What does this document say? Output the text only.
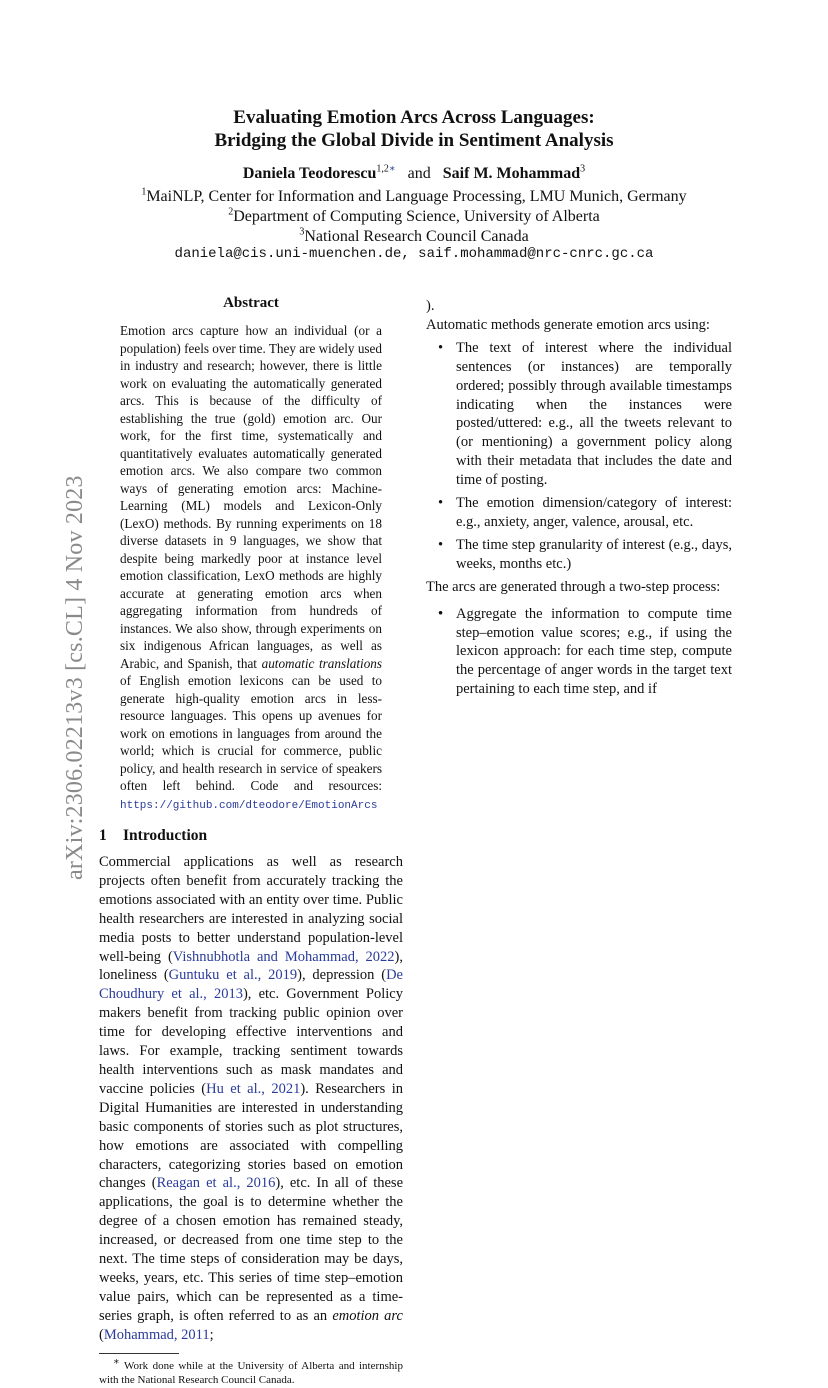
arXiv:2306.02213v3 [cs.CL] 4 Nov 2023
Evaluating Emotion Arcs Across Languages:
Bridging the Global Divide in Sentiment Analysis
Daniela Teodorescu$^{1,2∗}$ and Saif M. Mohammad$^3$
$^1$MaiNLP, Center for Information and Language Processing, LMU Munich, Germany
$^2$Department of Computing Science, University of Alberta
$^3$National Research Council Canada
daniela@cis.uni-muenchen.de, saif.mohammad@nrc-cnrc.gc.ca
Abstract
Emotion arcs capture how an individual (or a population) feels over time. They are widely used in industry and research; however, there is little work on evaluating the automatically generated arcs. This is because of the difficulty of establishing the true (gold) emotion arc. Our work, for the first time, systematically and quantitatively evaluates automatically generated emotion arcs. We also compare two common ways of generating emotion arcs: Machine-Learning (ML) models and Lexicon-Only (LexO) methods. By running experiments on 18 diverse datasets in 9 languages, we show that despite being markedly poor at instance level emotion classification, LexO methods are highly accurate at generating emotion arcs when aggregating information from hundreds of instances. We also show, through experiments on six indigenous African languages, as well as Arabic, and Spanish, that automatic translations of English emotion lexicons can be used to generate high-quality emotion arcs in less-resource languages. This opens up avenues for work on emotions in languages from around the world; which is crucial for commerce, public policy, and health research in service of speakers often left behind. Code and resources: https://github.com/dteodore/EmotionArcs
1 Introduction

Commercial applications as well as research projects often benefit from accurately tracking the emotions associated with an entity over time. Public health researchers are interested in analyzing social media posts to better understand population-level well-being (Vishnubhotla and Mohammad, 2022), loneliness (Guntuku et al., 2019), depression (De Choudhury et al., 2013), etc. Government Policy makers benefit from tracking public opinion over time for developing effective interventions and laws. For example, tracking sentiment towards health interventions such as mask mandates and vaccine policies (Hu et al., 2021). Researchers in Digital Humanities are interested in understanding basic components of stories such as plot structures, how emotions are associated with compelling characters, categorizing stories based on emotion changes (Reagan et al., 2016), etc. In all of these applications, the goal is to determine whether the degree of a chosen emotion has remained steady, increased, or decreased from one time step to the next. The time steps of consideration may be days, weeks, years, etc. This series of time step–emotion value pairs, which can be represented as a time-series graph, is often referred to as an emotion arc (Mohammad, 2011;

∗ Work done while at the University of Alberta and internship with the National Research Council Canada.

).

Automatic methods generate emotion arcs using:

• The text of interest where the individual sentences (or instances) are temporally ordered; possibly through available timestamps indicating when the instances were posted/uttered: e.g., all the tweets relevant to (or mentioning) a government policy along with their metadata that includes the date and time of posting.
• The emotion dimension/category of interest: e.g., anxiety, anger, valence, arousal, etc.
• The time step granularity of interest (e.g., days, weeks, months etc.)

The arcs are generated through a two-step process:

• Aggregate the information to compute time step–emotion value scores; e.g., if using the lexicon approach: for each time step, compute the percentage of anger words in the target text pertaining to each time step, and if
